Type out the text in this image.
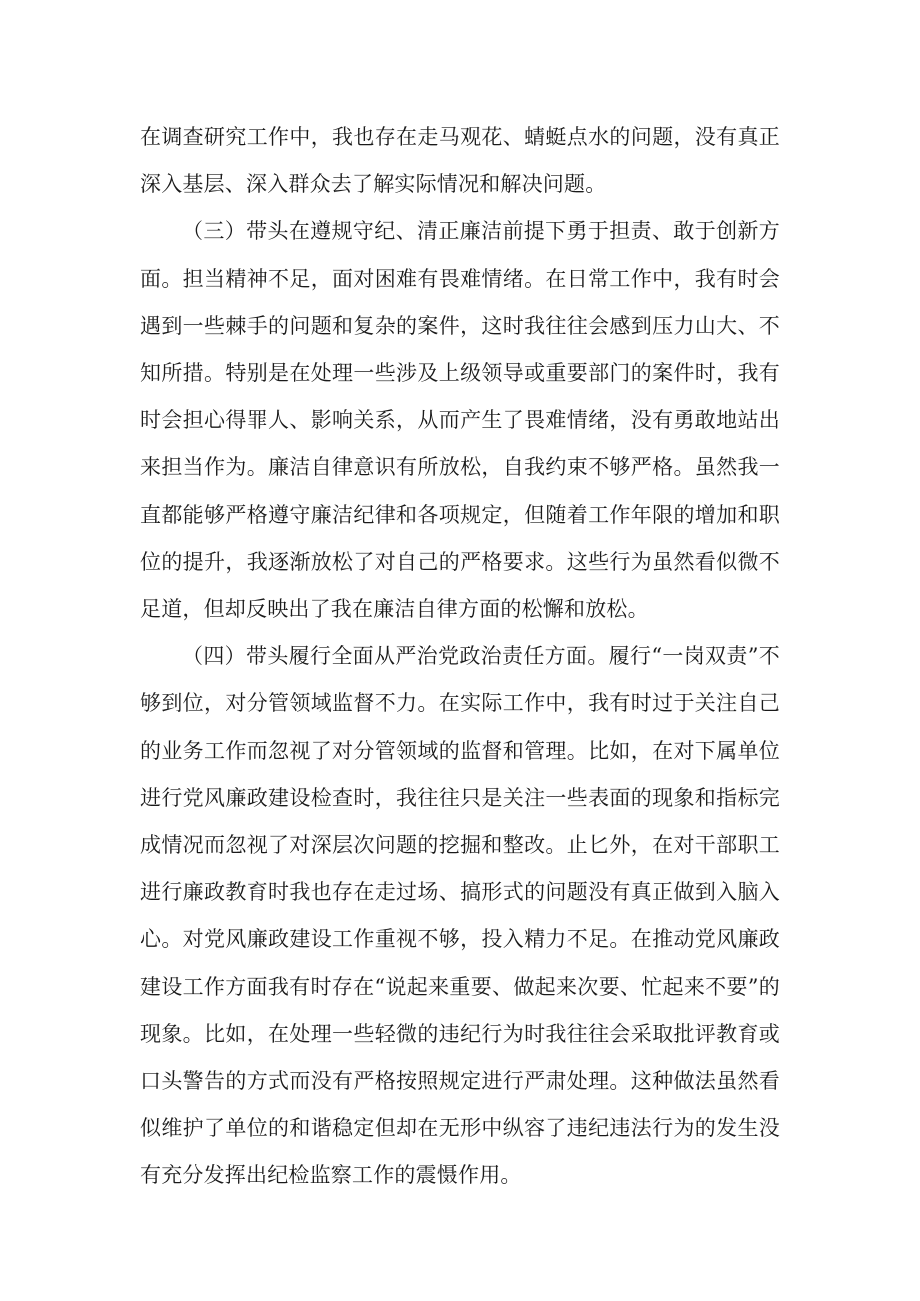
在调查研究工作中，我也存在走马观花、蜻蜓点水的问题，没有真正深入基层、深入群众去了解实际情况和解决问题。

（三）带头在遵规守纪、清正廉洁前提下勇于担责、敢于创新方面。担当精神不足，面对困难有畏难情绪。在日常工作中，我有时会遇到一些棘手的问题和复杂的案件，这时我往往会感到压力山大、不知所措。特别是在处理一些涉及上级领导或重要部门的案件时，我有时会担心得罪人、影响关系，从而产生了畏难情绪，没有勇敢地站出来担当作为。廉洁自律意识有所放松，自我约束不够严格。虽然我一直都能够严格遵守廉洁纪律和各项规定，但随着工作年限的增加和职位的提升，我逐渐放松了对自己的严格要求。这些行为虽然看似微不足道，但却反映出了我在廉洁自律方面的松懈和放松。

（四）带头履行全面从严治党政治责任方面。履行“一岗双责”不够到位，对分管领域监督不力。在实际工作中，我有时过于关注自己的业务工作而忽视了对分管领域的监督和管理。比如，在对下属单位进行党风廉政建设检查时，我往往只是关注一些表面的现象和指标完成情况而忽视了对深层次问题的挖掘和整改。止匕外，在对干部职工进行廉政教育时我也存在走过场、搞形式的问题没有真正做到入脑入心。对党风廉政建设工作重视不够，投入精力不足。在推动党风廉政建设工作方面我有时存在“说起来重要、做起来次要、忙起来不要”的现象。比如，在处理一些轻微的违纪行为时我往往会采取批评教育或口头警告的方式而没有严格按照规定进行严肃处理。这种做法虽然看似维护了单位的和谐稳定但却在无形中纵容了违纪违法行为的发生没有充分发挥出纪检监察工作的震慑作用。
